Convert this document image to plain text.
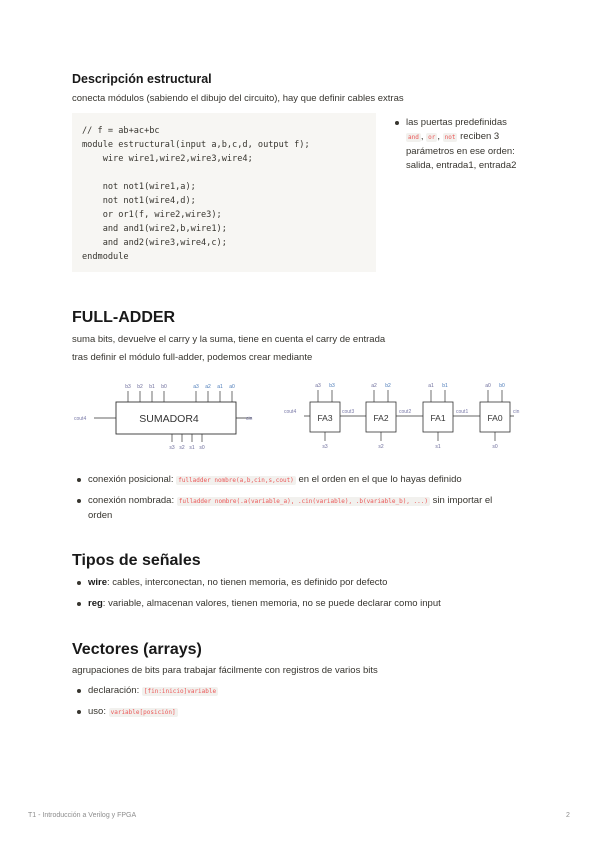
Descripción estructural
conecta módulos (sabiendo el dibujo del circuito), hay que definir cables extras
// f = ab+ac+bc
module estructural(input a,b,c,d, output f);
wire wire1,wire2,wire3,wire4;
not not1(wire1,a);
not not1(wire4,d);
or or1(f, wire2,wire3);
and and1(wire2,b,wire1);
and and2(wire3,wire4,c);
endmodule
las puertas predefinidas
and , or , not reciben 3
parámetros en ese orden:
salida, entrada1, entrada2
FULL-ADDER
suma bits, devuelve el carry y la suma, tiene en cuenta el carry de entrada
tras definir el módulo full-adder, podemos crear mediante
SUMADOR4
cout4	cin
b3 b2 b1 b0	a3 a2 a1 a0
s3 s2 s1 s0
FA3
a3 b3
s3
FA2
a2 b2
s2
FA1
a1 b1
s1
FA0
a0 b0
s0
cout4	cout3	cout2	cout1	cin
conexión posicional: fulladder nombre(a,b,cin,s,cout) en el orden en el que lo hayas definido
conexión nombrada: fulladder nombre(.a(variable_a), .cin(variable), .b(variable_b), ...) sin importar el
orden
Tipos de señales
wire: cables, interconectan, no tienen memoria, es definido por defecto
reg: variable, almacenan valores, tienen memoria, no se puede declarar como input
Vectores (arrays)
agrupaciones de bits para trabajar fácilmente con registros de varios bits
declaración: [fin:inicio]variable
uso: variable[posición]
T1 - Introducción a Verilog y FPGA	2
